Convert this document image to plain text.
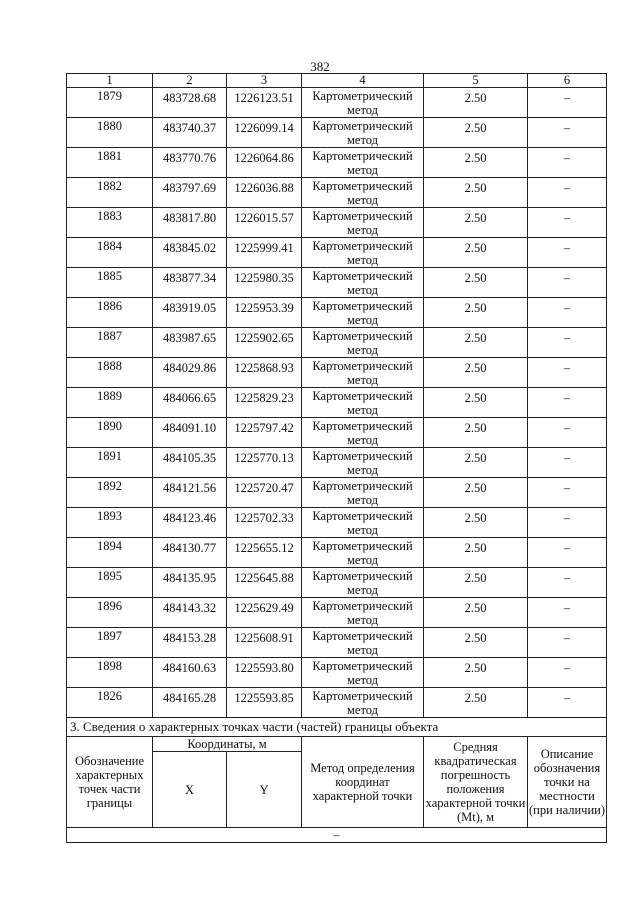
382
1	2	3	4	5	6

1879	483728.68	1226123.51	Картометрический метод	2.50	–

1880	483740.37	1226099.14	Картометрический метод	2.50	–

1881	483770.76	1226064.86	Картометрический метод	2.50	–

1882	483797.69	1226036.88	Картометрический метод	2.50	–

1883	483817.80	1226015.57	Картометрический метод	2.50	–

1884	483845.02	1225999.41	Картометрический метод	2.50	–

1885	483877.34	1225980.35	Картометрический метод	2.50	–

1886	483919.05	1225953.39	Картометрический метод	2.50	–

1887	483987.65	1225902.65	Картометрический метод	2.50	–

1888	484029.86	1225868.93	Картометрический метод	2.50	–

1889	484066.65	1225829.23	Картометрический метод	2.50	–

1890	484091.10	1225797.42	Картометрический метод	2.50	–

1891	484105.35	1225770.13	Картометрический метод	2.50	–

1892	484121.56	1225720.47	Картометрический метод	2.50	–

1893	484123.46	1225702.33	Картометрический метод	2.50	–

1894	484130.77	1225655.12	Картометрический метод	2.50	–

1895	484135.95	1225645.88	Картометрический метод	2.50	–

1896	484143.32	1225629.49	Картометрический метод	2.50	–

1897	484153.28	1225608.91	Картометрический метод	2.50	–

1898	484160.63	1225593.80	Картометрический метод	2.50	–

1826	484165.28	1225593.85	Картометрический метод	2.50	–

3. Сведения о характерных точках части (частей) границы объекта					
Обозначение характерных точек части границы	Координаты, м		Метод определения координат характерной точки	Средняя квадратическая погрешность положения характерной точки (Mt), м	Описание обозначения точки на местности (при наличии)
	X	Y			
–					
